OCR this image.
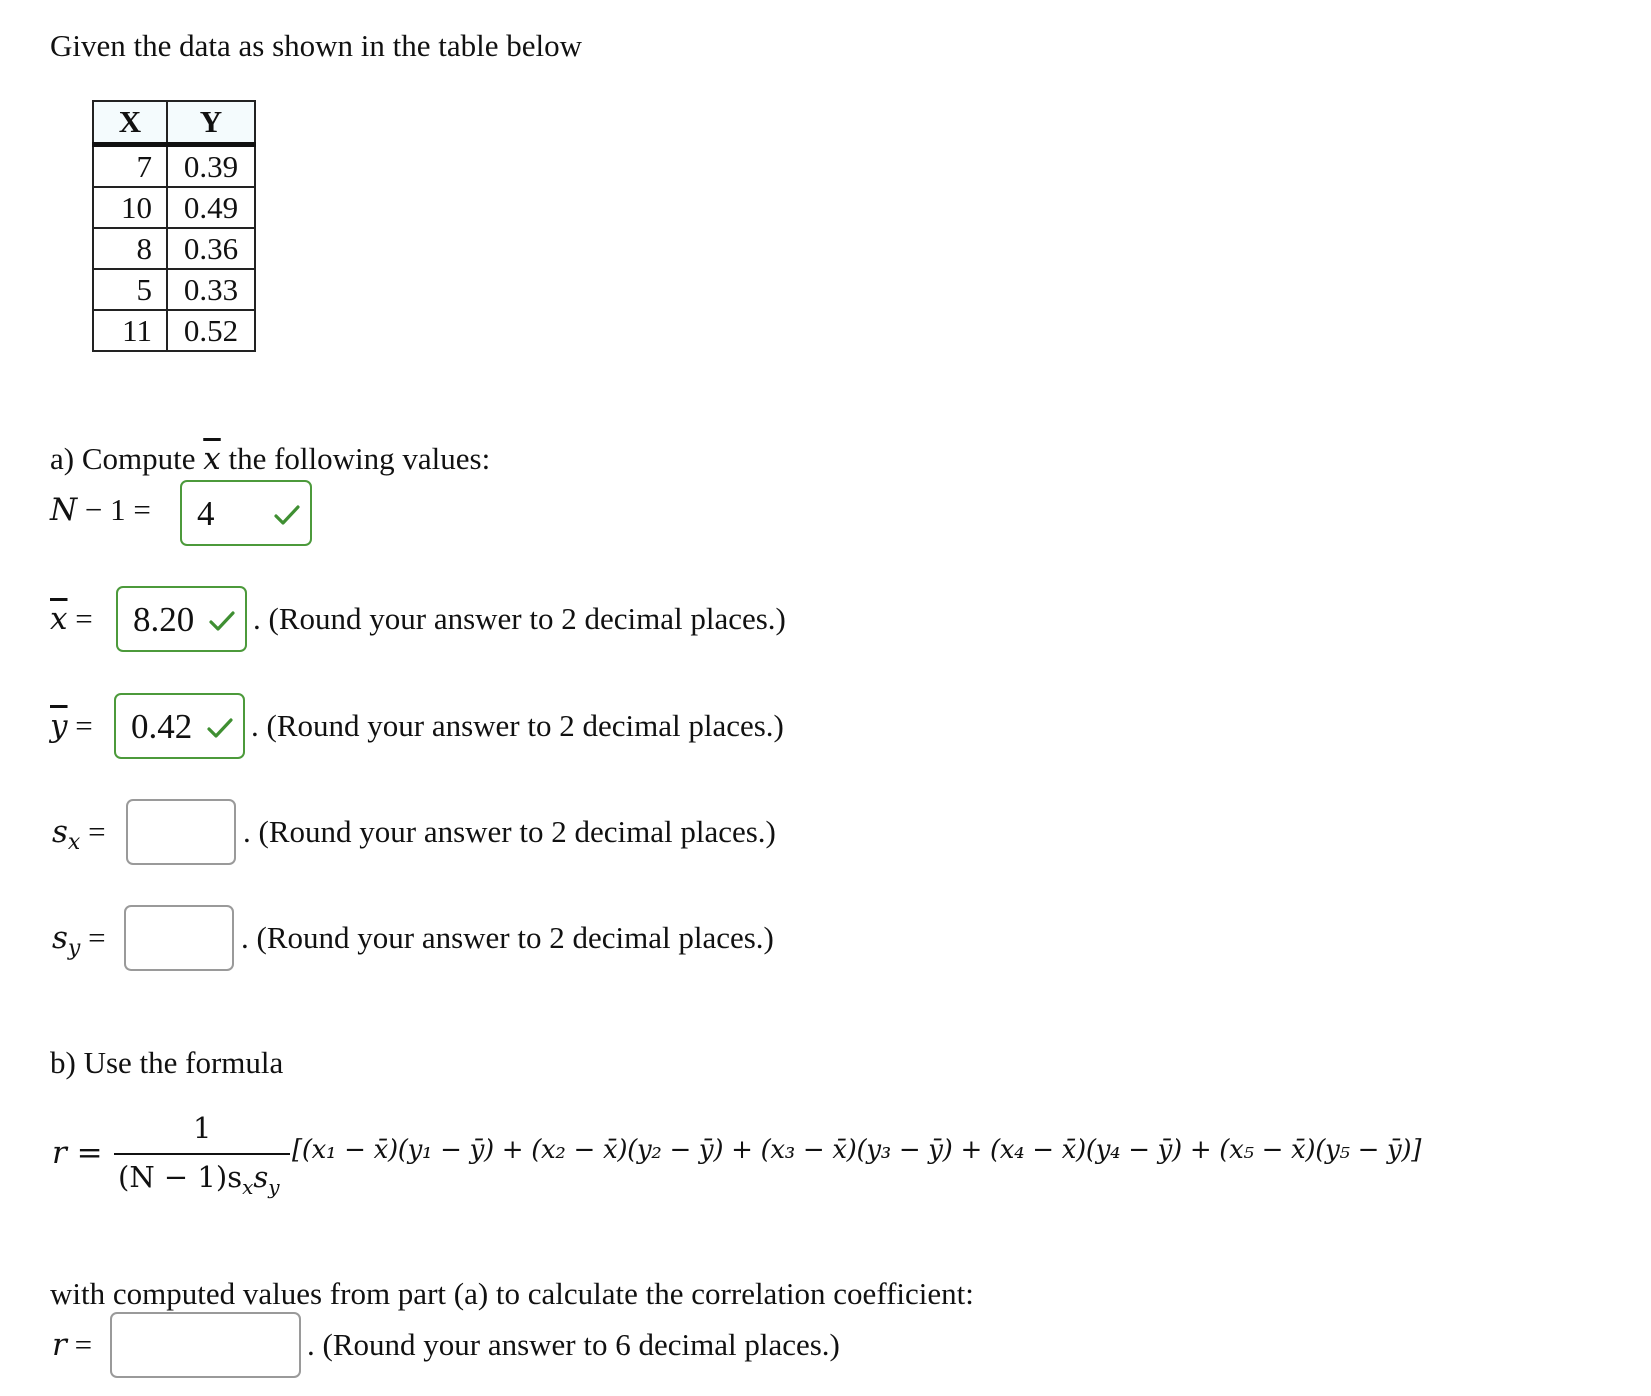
Given the data as shown in the table below
X	Y
7	0.39
10	0.49
8	0.36
5	0.33
11	0.52
a) Compute $\overline{x}$ the following values:
N − 1 = 4
$\overline{x} = 8.20$ . (Round your answer to 2 decimal places.)
$\overline{y} = 0.42$ . (Round your answer to 2 decimal places.)
$s_x$ =	. (Round your answer to 2 decimal places.)
$s_y$ =	. (Round your answer to 2 decimal places.)
b) Use the formula
r =
1
$(N - 1)s_xs_y$
[(x₁ − x̄)(y₁ − ȳ) + (x₂ − x̄)(y₂ − ȳ) + (x₃ − x̄)(y₃ − ȳ) + (x₄ − x̄)(y₄ − ȳ) + (x₅ − x̄)(y₅ − ȳ)]
with computed values from part (a) to calculate the correlation coefficient:
r =	. (Round your answer to 6 decimal places.)
